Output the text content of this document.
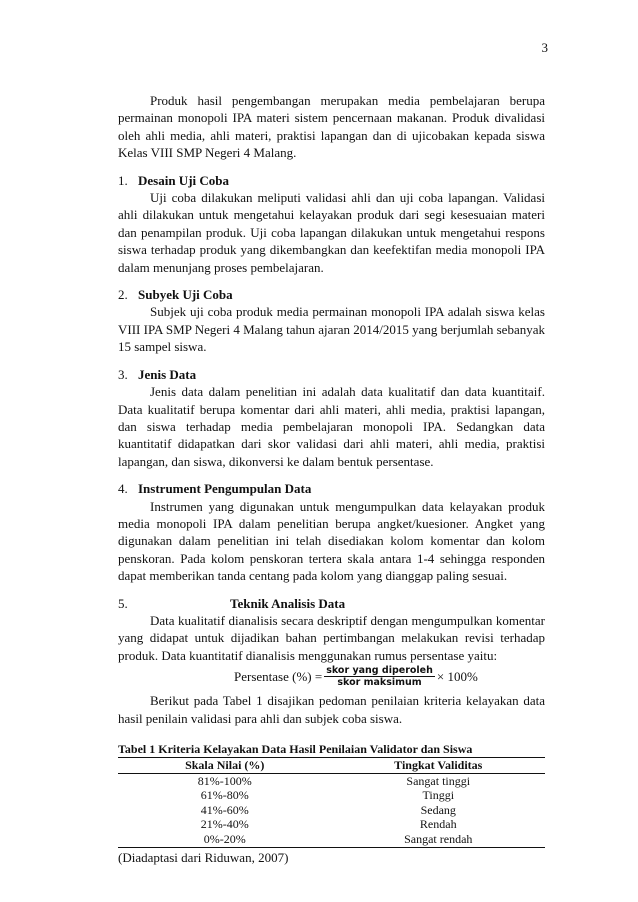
3

Produk hasil pengembangan merupakan media pembelajaran berupa permainan monopoli IPA materi sistem pencernaan makanan. Produk divalidasi oleh ahli media, ahli materi, praktisi lapangan dan di ujicobakan kepada siswa Kelas VIII SMP Negeri 4 Malang.

1. Desain Uji Coba

Uji coba dilakukan meliputi validasi ahli dan uji coba lapangan. Validasi ahli dilakukan untuk mengetahui kelayakan produk dari segi kesesuaian materi dan penampilan produk. Uji coba lapangan dilakukan untuk mengetahui respons siswa terhadap produk yang dikembangkan dan keefektifan media monopoli IPA dalam menunjang proses pembelajaran.

2. Subyek Uji Coba

Subjek uji coba produk media permainan monopoli IPA adalah siswa kelas VIII IPA SMP Negeri 4 Malang tahun ajaran 2014/2015 yang berjumlah sebanyak 15 sampel siswa.

3. Jenis Data

Jenis data dalam penelitian ini adalah data kualitatif dan data kuantitaif. Data kualitatif berupa komentar dari ahli materi, ahli media, praktisi lapangan, dan siswa terhadap media pembelajaran monopoli IPA. Sedangkan data kuantitatif didapatkan dari skor validasi dari ahli materi, ahli media, praktisi lapangan, dan siswa, dikonversi ke dalam bentuk persentase.

4. Instrument Pengumpulan Data

Instrumen yang digunakan untuk mengumpulkan data kelayakan produk media monopoli IPA dalam penelitian berupa angket/kuesioner. Angket yang digunakan dalam penelitian ini telah disediakan kolom komentar dan kolom penskoran. Pada kolom penskoran tertera skala antara 1-4 sehingga responden dapat memberikan tanda centang pada kolom yang dianggap paling sesuai.

5.	Teknik Analisis Data

Data kualitatif dianalisis secara deskriptif dengan mengumpulkan komentar yang didapat untuk dijadikan bahan pertimbangan melakukan revisi terhadap produk. Data kuantitatif dianalisis menggunakan rumus persentase yaitu:

Persentase (%) = $\frac{\text{skor yang diperoleh}}{\text{skor maksimum}} \times 100\%$

Berikut pada Tabel 1 disajikan pedoman penilaian kriteria kelayakan data hasil penilain validasi para ahli dan subjek coba siswa.

Tabel 1 Kriteria Kelayakan Data Hasil Penilaian Validator dan Siswa
Skala Nilai (%)	Tingkat Validitas
81%-100%	Sangat tinggi
61%-80%	Tinggi
41%-60%	Sedang
21%-40%	Rendah
0%-20%	Sangat rendah
(Diadaptasi dari Riduwan, 2007)
